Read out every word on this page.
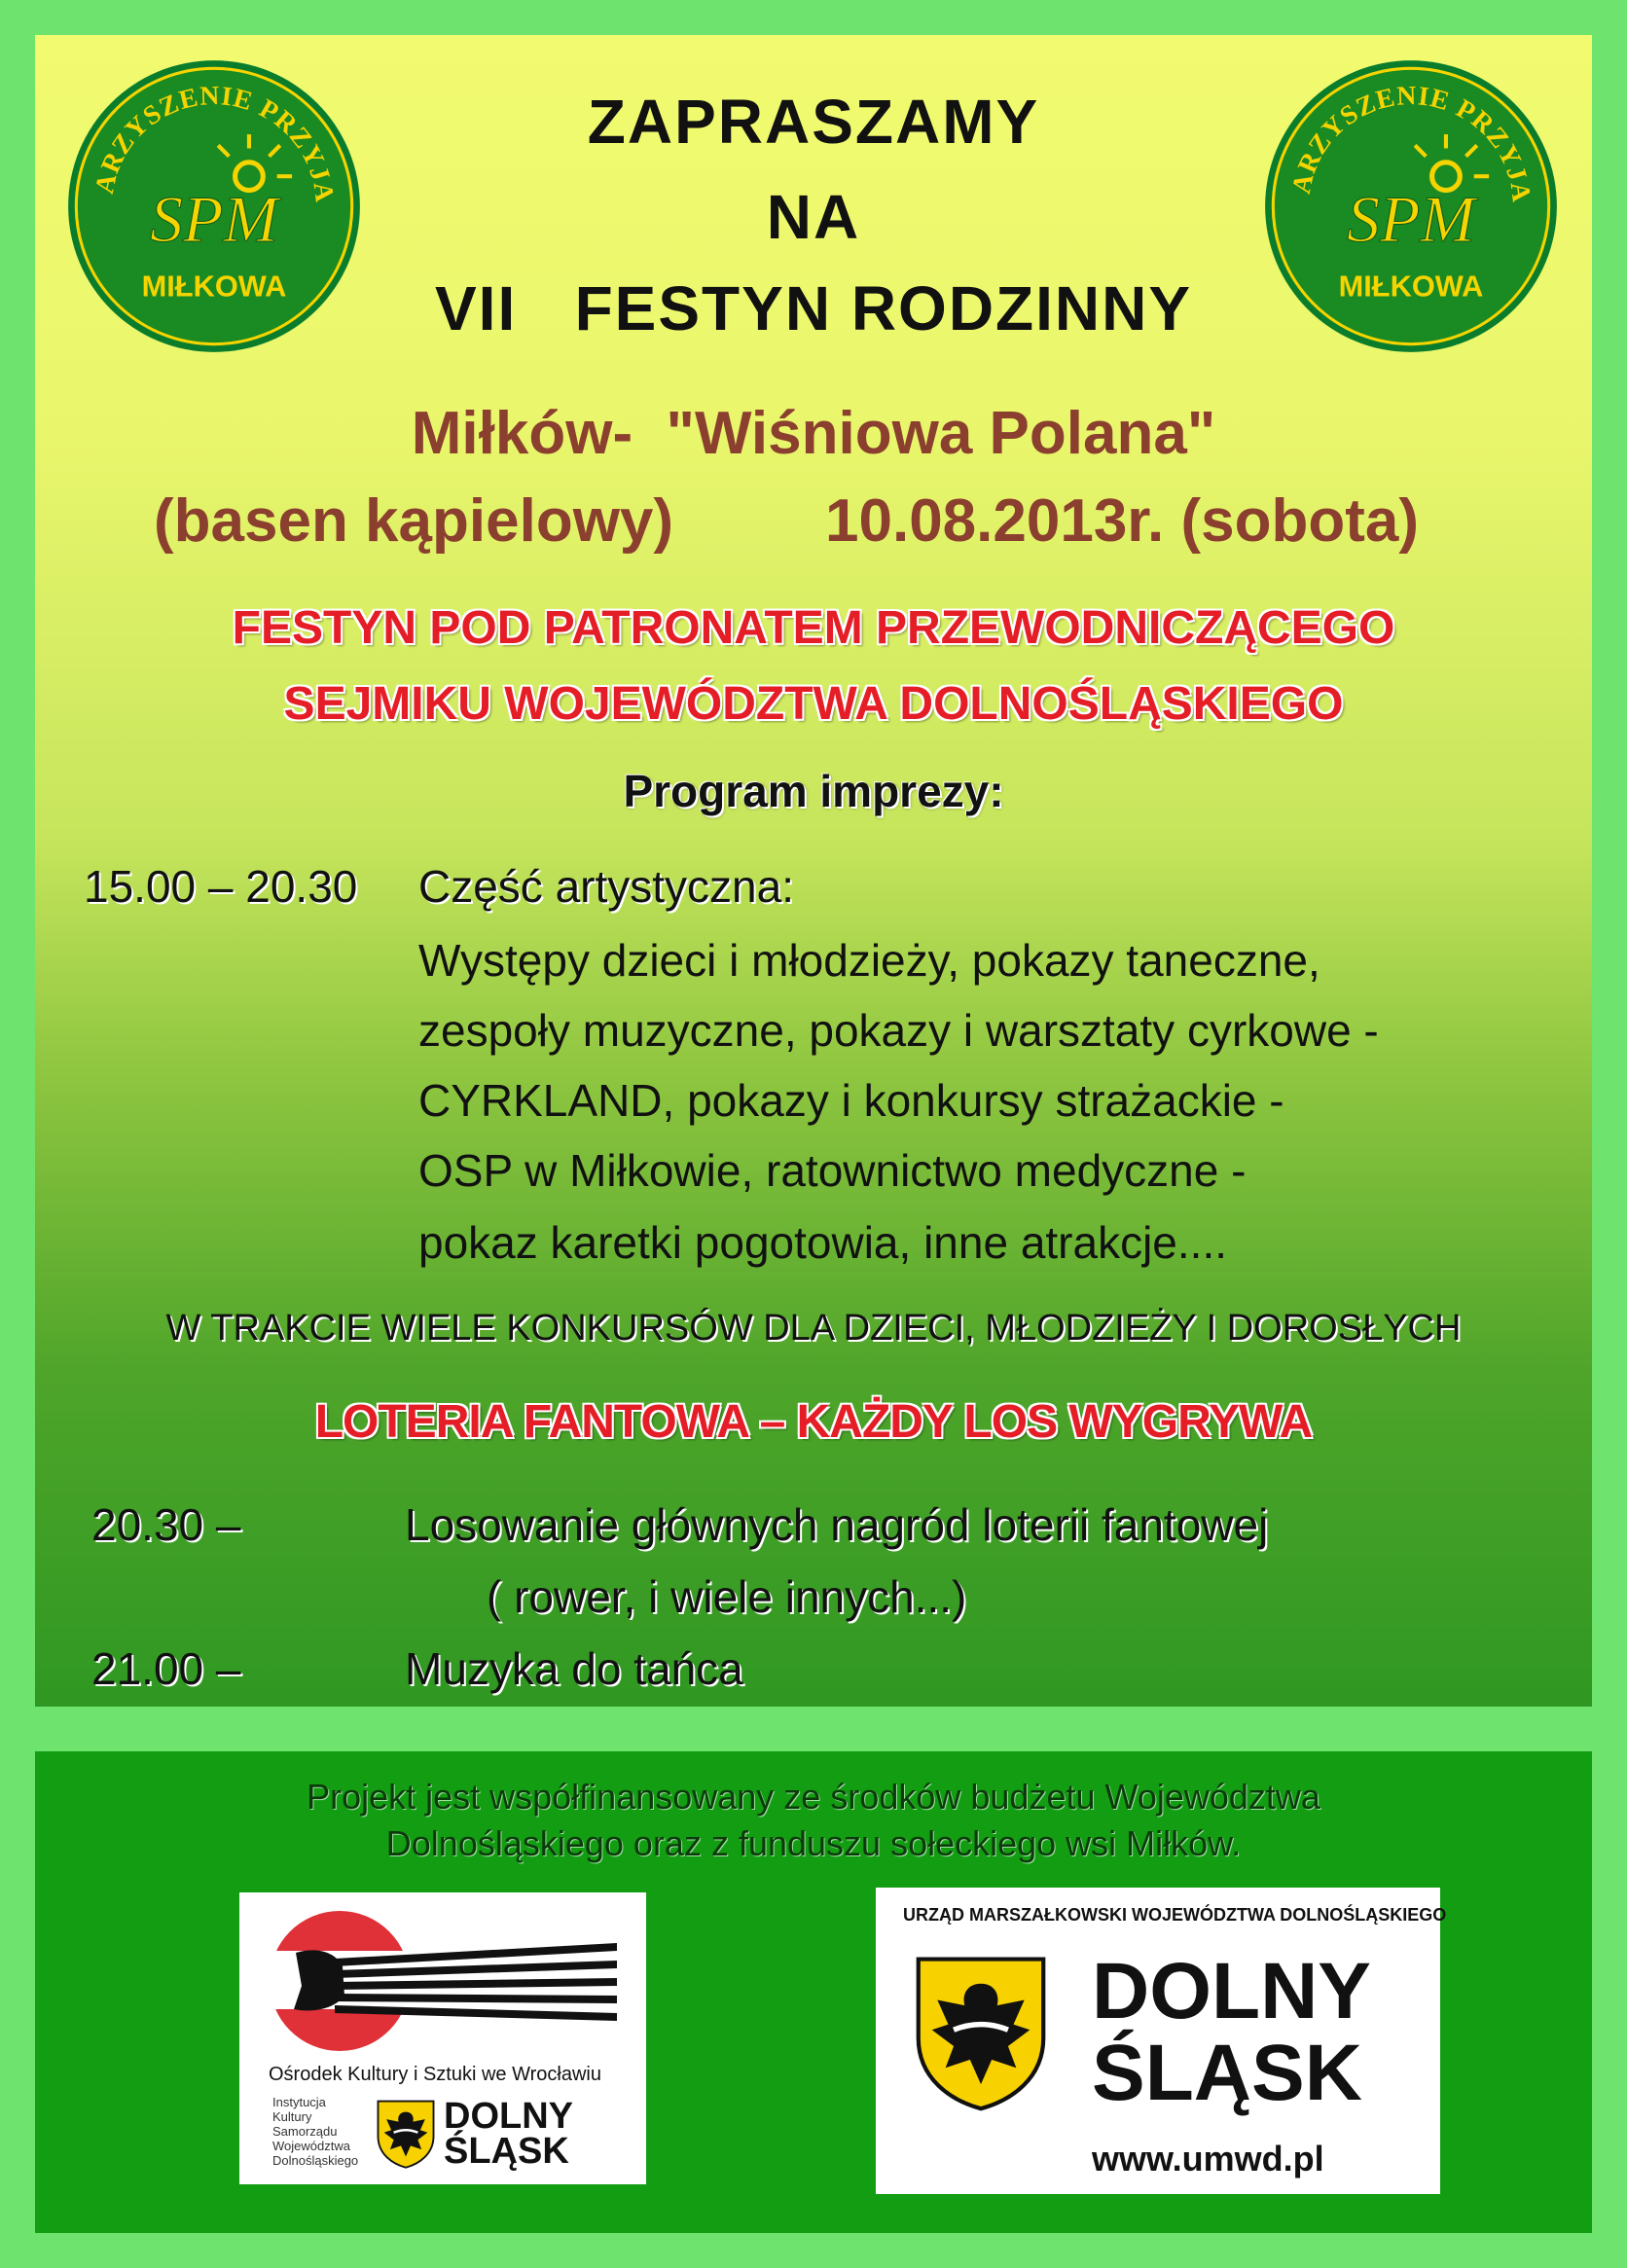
ARZYSZENIE PRZYJA
SPM
MIŁKOWA
ARZYSZENIE PRZYJA
SPM
MIŁKOWA
ZAPRASZAMY
NA
VII   FESTYN RODZINNY
Miłków-  "Wiśniowa Polana"
(basen kąpielowy)	10.08.2013r. (sobota)
FESTYN POD PATRONATEM PRZEWODNICZĄCEGO
SEJMIKU WOJEWÓDZTWA DOLNOŚLĄSKIEGO
Program imprezy:
15.00 – 20.30 Część artystyczna:
Występy dzieci i młodzieży, pokazy taneczne,
zespoły muzyczne, pokazy i warsztaty cyrkowe -
CYRKLAND, pokazy i konkursy strażackie -
OSP w Miłkowie, ratownictwo medyczne -
pokaz karetki pogotowia, inne atrakcje....
W TRAKCIE WIELE KONKURSÓW DLA DZIECI, MŁODZIEŻY I DOROSŁYCH
LOTERIA FANTOWA – KAŻDY LOS WYGRYWA
20.30 –	Losowanie głównych nagród loterii fantowej
( rower, i wiele innych...)
21.00 –	Muzyka do tańca
Projekt jest współfinansowany ze środków budżetu Województwa
Dolnośląskiego oraz z funduszu sołeckiego wsi Miłków.
Ośrodek Kultury i Sztuki we Wrocławiu
Instytucja
Kultury
Samorządu
Województwa
Dolnośląskiego
DOLNY
ŚLĄSK
URZĄD MARSZAŁKOWSKI WOJEWÓDZTWA DOLNOŚLĄSKIEGO
DOLNY
ŚLĄSK
www.umwd.pl
